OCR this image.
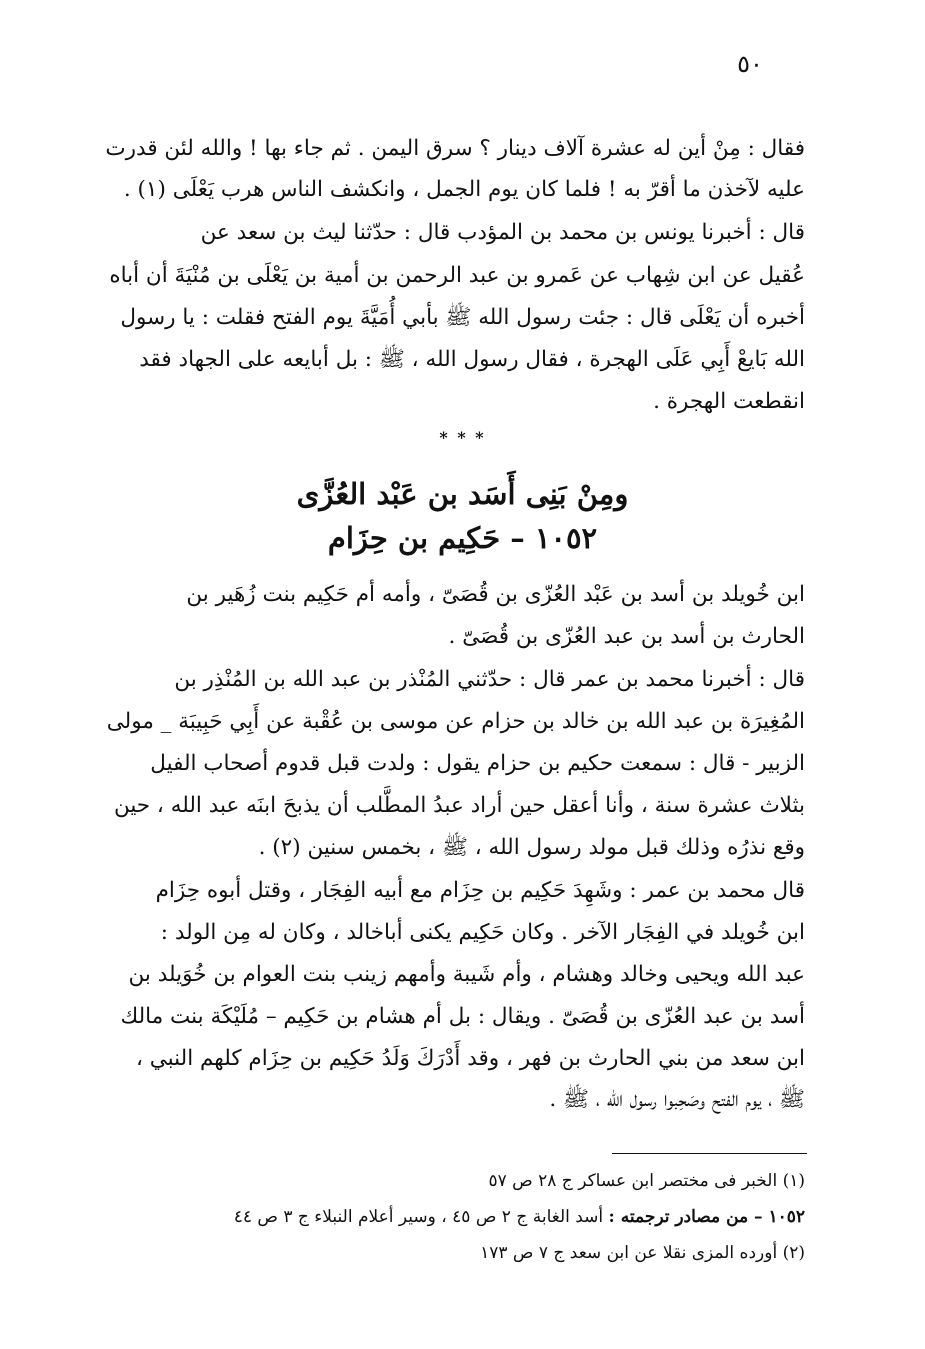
٥٠
فقال : مِنْ أين له عشرة آلاف دينار ؟ سرق اليمن . ثم جاء بها ! والله لئن قدرت
عليه لآخذن ما أقرّ به ! فلما كان يوم الجمل ، وانكشف الناس هرب يَعْلَى (١) .
قال : أخبرنا يونس بن محمد بن المؤدب قال : حدّثنا ليث بن سعد عن
عُقيل عن ابن شِهاب عن عَمرو بن عبد الرحمن بن أمية بن يَعْلَى بن مُنْيَةَ أن أباه
أخبره أن يَعْلَى قال : جئت رسول الله ﷺ بأبي أُمَيَّةَ يوم الفتح فقلت : يا رسول
الله بَايعْ أَبِي عَلَى الهجرة ، فقال رسول الله ، ﷺ : بل أبايعه على الجهاد فقد
انقطعت الهجرة .
* * *
ومِنْ بَنِى أَسَد بن عَبْد العُزَّى
١٠٥٢ – حَكِيم بن حِزَام
ابن خُويلد بن أسد بن عَبْد العُزّى بن قُصَىّ ، وأمه أم حَكِيم بنت زُهَير بن
الحارث بن أسد بن عبد العُزّى بن قُصَىّ .
قال : أخبرنا محمد بن عمر قال : حدّثني المُنْذر بن عبد الله بن المُنْذِر بن
المُغِيرَة بن عبد الله بن خالد بن حزام عن موسى بن عُقْبة عن أَبِي حَبِيبَة _ مولى
الزبير - قال : سمعت حكيم بن حزام يقول : ولدت قبل قدوم أصحاب الفيل
بثلاث عشرة سنة ، وأنا أعقل حين أراد عبدُ المطَّلب أن يذبحَ ابنَه عبد الله ، حين
وقع نذرُه وذلك قبل مولد رسول الله ، ﷺ ، بخمس سنين (٢) .
قال محمد بن عمر : وشَهِدَ حَكِيم بن حِزَام مع أبيه الفِجَار ، وقتل أبوه حِزَام
ابن خُويلد في الفِجَار الآخر . وكان حَكِيم يكنى أباخالد ، وكان له مِن الولد :
عبد الله ويحيى وخالد وهشام ، وأم شَيبة وأمهم زينب بنت العوام بن خُوَيلد بن
أسد بن عبد العُزّى بن قُصَىّ . ويقال : بل أم هشام بن حَكِيم – مُلَيْكَة بنت مالك
ابن سعد من بني الحارث بن فهر ، وقد أَدْرَكَ وَلَدُ حَكِيم بن حِزَام كلهم النبي ،
ﷺ ، يوم الفتح وصَحِبوا رسول الله ، ﷺ .
(١) الخبر فى مختصر ابن عساكر ج ٢٨ ص ٥٧
١٠٥٢ – من مصادر ترجمته : أسد الغابة ج ٢ ص ٤٥ ، وسير أعلام النبلاء ج ٣ ص ٤٤
(٢) أورده المزى نقلا عن ابن سعد ج ٧ ص ١٧٣
